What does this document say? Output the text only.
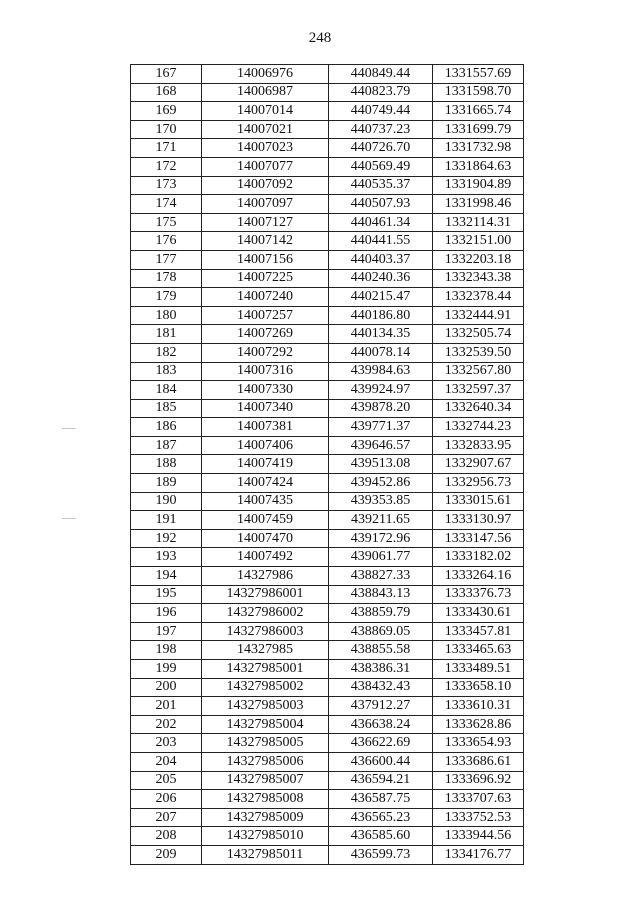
248
167	14006976	440849.44	1331557.69
168	14006987	440823.79	1331598.70
169	14007014	440749.44	1331665.74
170	14007021	440737.23	1331699.79
171	14007023	440726.70	1331732.98
172	14007077	440569.49	1331864.63
173	14007092	440535.37	1331904.89
174	14007097	440507.93	1331998.46
175	14007127	440461.34	1332114.31
176	14007142	440441.55	1332151.00
177	14007156	440403.37	1332203.18
178	14007225	440240.36	1332343.38
179	14007240	440215.47	1332378.44
180	14007257	440186.80	1332444.91
181	14007269	440134.35	1332505.74
182	14007292	440078.14	1332539.50
183	14007316	439984.63	1332567.80
184	14007330	439924.97	1332597.37
185	14007340	439878.20	1332640.34
186	14007381	439771.37	1332744.23
187	14007406	439646.57	1332833.95
188	14007419	439513.08	1332907.67
189	14007424	439452.86	1332956.73
190	14007435	439353.85	1333015.61
191	14007459	439211.65	1333130.97
192	14007470	439172.96	1333147.56
193	14007492	439061.77	1333182.02
194	14327986	438827.33	1333264.16
195	14327986001	438843.13	1333376.73
196	14327986002	438859.79	1333430.61
197	14327986003	438869.05	1333457.81
198	14327985	438855.58	1333465.63
199	14327985001	438386.31	1333489.51
200	14327985002	438432.43	1333658.10
201	14327985003	437912.27	1333610.31
202	14327985004	436638.24	1333628.86
203	14327985005	436622.69	1333654.93
204	14327985006	436600.44	1333686.61
205	14327985007	436594.21	1333696.92
206	14327985008	436587.75	1333707.63
207	14327985009	436565.23	1333752.53
208	14327985010	436585.60	1333944.56
209	14327985011	436599.73	1334176.77
